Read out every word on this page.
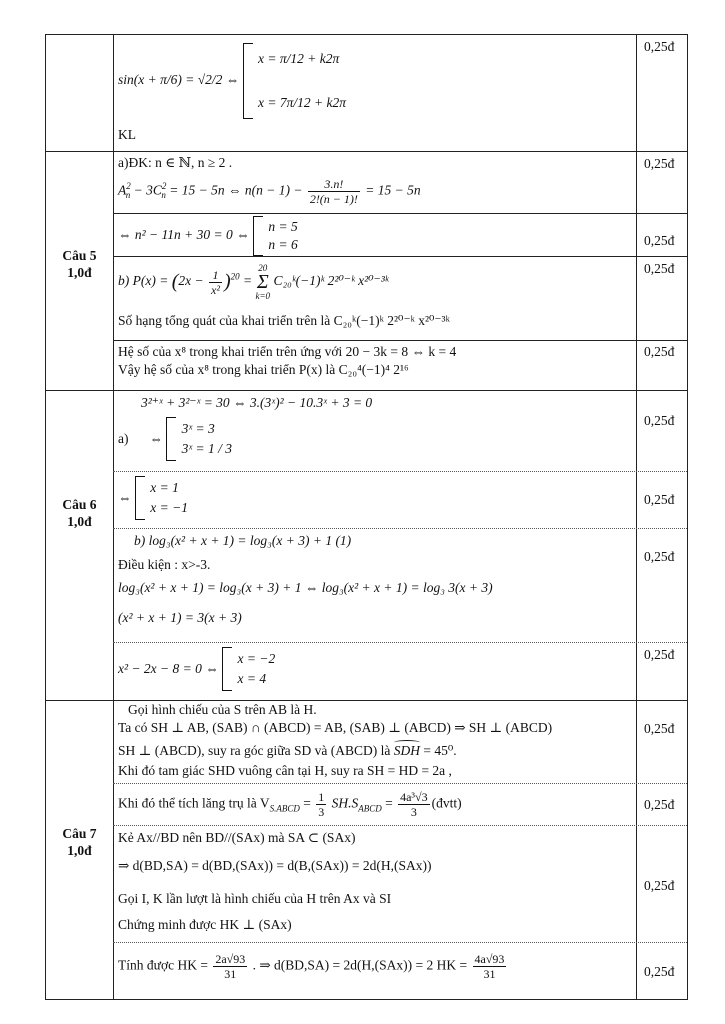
0,25đ
0,25đ
0,25đ
0,25đ
0,25đ
0,25đ
0,25đ
0,25đ
0,25đ
0,25đ
0,25đ
0,25đ
0,25đ
sin(x + π/6) = √2/2 ⇔  x = π/12 + k2π

x = 7π/12 + k2π
KL
Câu 5
1,0đ
a)ĐK: n ∈ ℕ, n ≥ 2 .
$A^2_n - 3C^2_n = 15 - 5n$ ⇔ $n(n - 1) - \frac{3.n!}{2!(n - 1)!} = 15 - 5n$
⇔ n² − 11n + 30 = 0 ⇔  n = 5
n = 6
b) $P(x) = (2x - \frac{1}{\text{x²}} )^{20} = 20$
Σ
k=0 C₂₀ᵏ(−1)ᵏ 2²⁰⁻ᵏ x²⁰⁻³ᵏ
Số hạng tổng quát của khai triển trên là C₂₀ᵏ(−1)ᵏ 2²⁰⁻ᵏ x²⁰⁻³ᵏ
Hệ số của x⁸ trong khai triển trên ứng với 20 − 3k = 8 ⇔ k = 4
Vậy hệ số của x⁸ trong khai triển P(x) là C₂₀⁴(−1)⁴ 2¹⁶
Câu 6
1,0đ
3²⁺ˣ + 3²⁻ˣ = 30 ⇔ 3.(3ˣ)² − 10.3ˣ + 3 = 0
a) ⇔  3ˣ = 3
3ˣ = 1 / 3
⇔  x = 1
x = −1
b) log₃(x² + x + 1) = log₃(x + 3) + 1 (1)
Điều kiện : x>-3.
log₃(x² + x + 1) = log₃(x + 3) + 1 ⇔ log₃(x² + x + 1) = log₃ 3(x + 3)
(x² + x + 1) = 3(x + 3)
x² − 2x − 8 = 0 ⇔  x = −2
x = 4
Câu 7
1,0đ
Gọi hình chiếu của S trên AB là H.
Ta có SH ⊥ AB, (SAB) ∩ (ABCD) = AB, (SAB) ⊥ (ABCD) ⇒ SH ⊥ (ABCD)
SH ⊥ (ABCD), suy ra góc giữa SD và (ABCD) là SDH = 45⁰.
Khi đó tam giác SHD vuông cân tại H, suy ra SH = HD = 2a ,
Khi đó thể tích lăng trụ là $V_{S.ABCD} = \frac{1}{3} SH.S_{ABCD} = \frac{\text{4a³√3}}{3}$ (đvtt)
Kẻ Ax//BD nên BD//(SAx) mà SA ⊂ (SAx)
⇒ d(BD,SA) = d(BD,(SAx)) = d(B,(SAx)) = 2d(H,(SAx))
Gọi I, K lần lượt là hình chiếu của H trên Ax và SI
Chứng minh được HK ⊥ (SAx)
Tính được HK = $\frac{2a√93}{31}$ . ⇒ d(BD,SA) = 2d(H,(SAx)) = 2 HK = $\frac{4a√93}{31}$
